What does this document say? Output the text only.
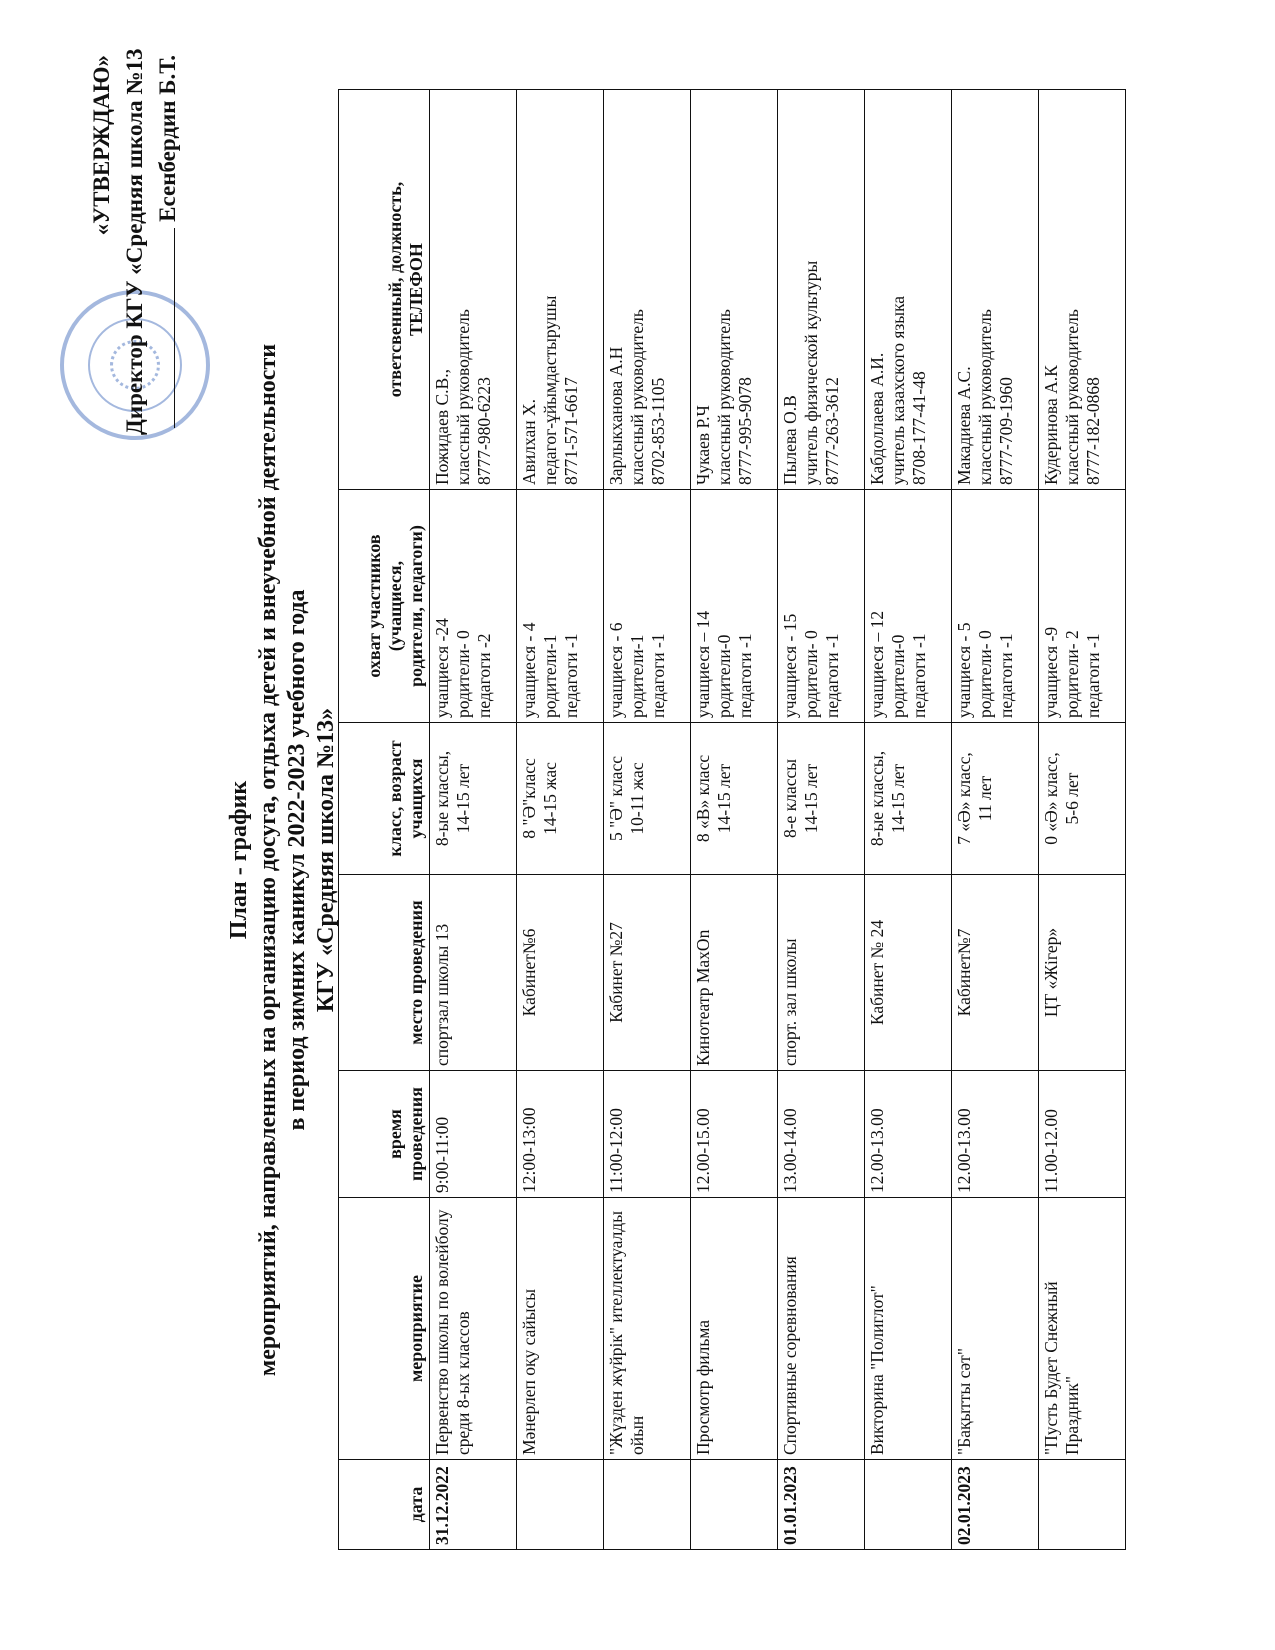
«УТВЕРЖДАЮ» Директор КГУ «Средняя школа №13 Есенбердин Б.Т.
План - график мероприятий, направленных на организацию досуга, отдыха детей и внеучебной деятельности в период зимних каникул 2022-2023 учебного года КГУ «Средняя школа №13»
дата	мероприятие	время
проведения	место проведения	класс, возраст
учащихся	охват участников
(учащиеся,
родители, педагоги)	ответсвенный, должность,
ТЕЛЕФОН
31.12.2022	Первенство школы по волейболу среди 8-ых классов	9:00-11:00	спортзал школы 13	8-ые классы,
14-15 лет	учащиеся -24
родители- 0
педагоги -2	Пожидаев С.В.,
классный руководитель
8777-980-6223
	Мәнерлеп оқу сайысы	12:00-13:00	Кабинет№6	8 "Ә"класс
14-15 жас	учащиеся - 4
родители-1
педагоги -1	Авилхан Х.
педагог-ұйымдастырушы
8771-571-6617
	"Жүзден жүйрік" ителлектуалды ойын	11:00-12:00	Кабинет №27	5 "Ә" класс
10-11 жас	учащиеся - 6
родители-1
педагоги -1	Зарлыкханова А.Н
классный руководитель
8702-853-1105
	Просмотр фильма	12.00-15.00	Кинотеатр MaxOn	8 «В» класс
14-15 лет	учащиеся – 14
родители-0
педагоги -1	Чукаев Р.Ч
классный руководитель
8777-995-9078
01.01.2023	Спортивные соревнования	13.00-14.00	спорт. зал школы	8-е классы
14-15 лет	учащиеся - 15
родители- 0
педагоги -1	Пылева О.В
учитель физической культуры
8777-263-3612
	Викторина "Полиглот"	12.00-13.00	Кабинет № 24	8-ые классы,
14-15 лет	учащиеся – 12
родители-0
педагоги -1	Кабдоллаева А.И.
учитель казахского языка
8708-177-41-48
02.01.2023	"Бақытты сәт"	12.00-13.00	Кабинет№7	7 «Ә» класс,
11 лет	учащиеся - 5
родители- 0
педагоги -1	Макадиева А.С.
классный руководитель
8777-709-1960
	"Пусть Будет Снежный Праздник"	11.00-12.00	ЦТ «Жігер»	0 «Ә» класс,
5-6 лет	учащиеся -9
родители- 2
педагоги -1	Кудеринова А.К
классный руководитель
8777-182-0868
